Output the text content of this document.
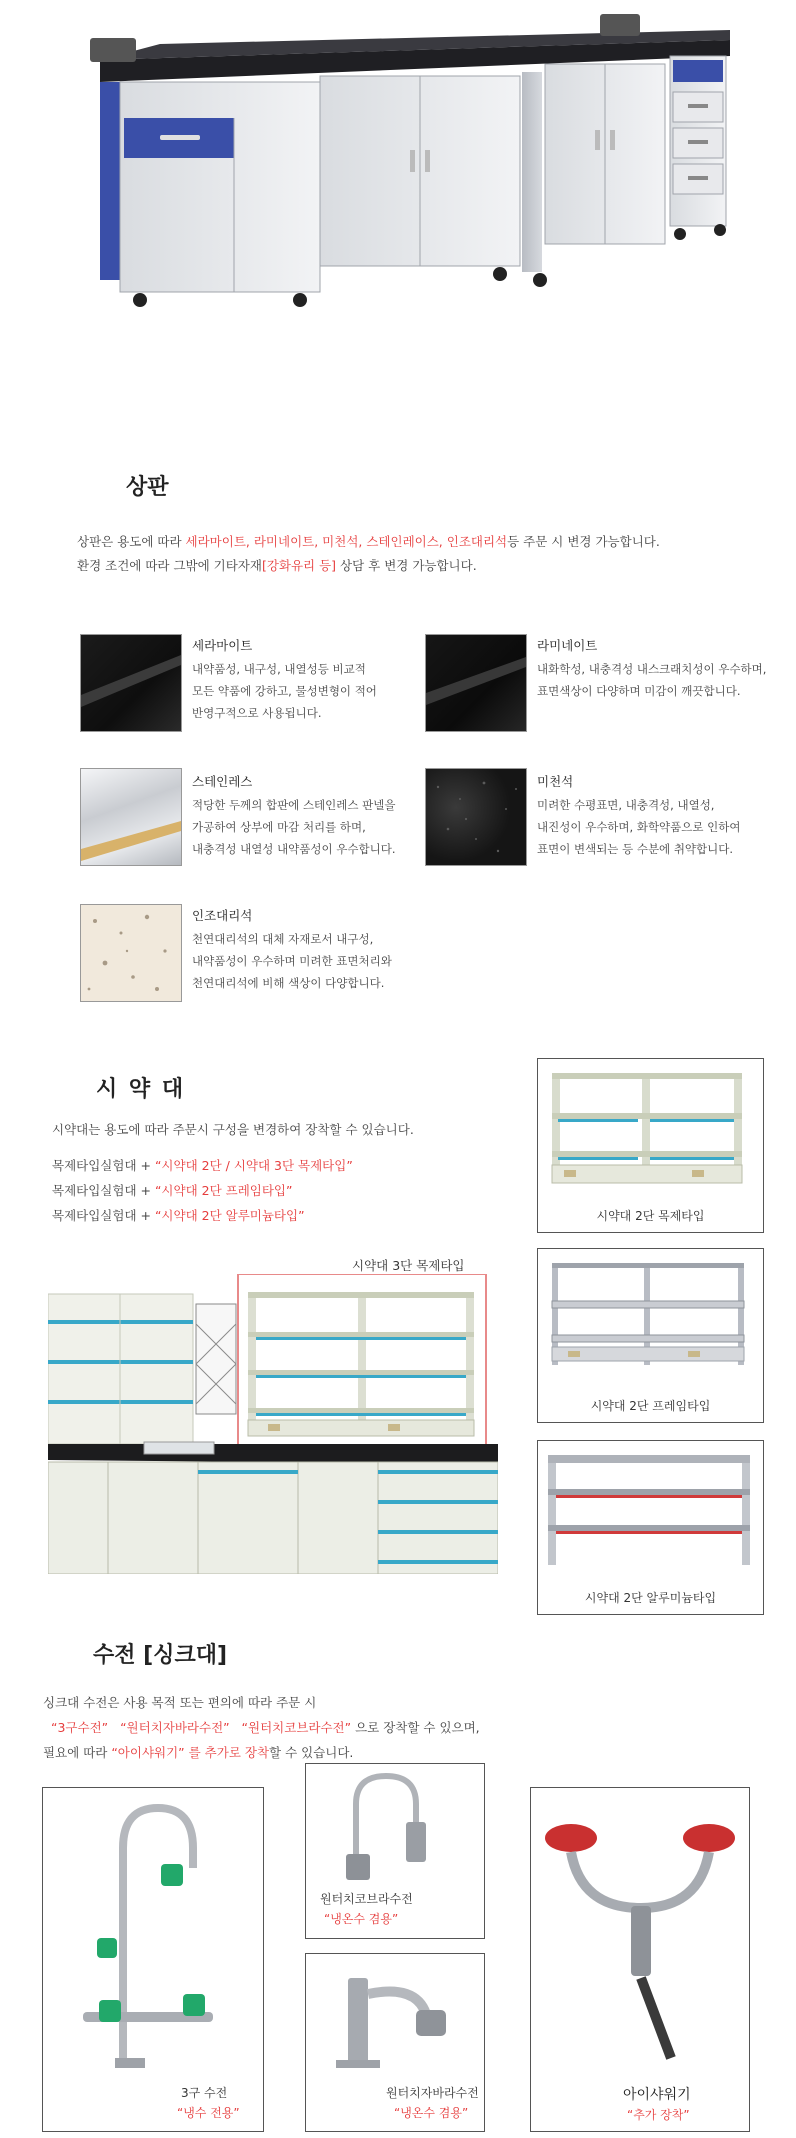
상판
상판은 용도에 따라 세라마이트, 라미네이트, 미천석, 스테인레이스, 인조대리석등 주문 시 변경 가능합니다.
환경 조건에 따라 그밖에 기타자재[강화유리 등] 상담 후 변경 가능합니다.
세라마이트
내약품성, 내구성, 내열성등 비교적
모든 약품에 강하고, 물성변형이 적어
반영구적으로 사용됩니다.
라미네이트
내화학성, 내충격성 내스크래치성이 우수하며,
표면색상이 다양하며 미감이 깨끗합니다.
스테인레스
적당한 두께의 합판에 스테인레스 판넬을
가공하여 상부에 마감 처리를 하며,
내충격성 내열성 내약품성이 우수합니다.
미천석
미려한 수평표면, 내충격성, 내열성,
내진성이 우수하며, 화학약품으로 인하여
표면이 변색되는 등 수분에 취약합니다.
인조대리석
천연대리석의 대체 자재로서 내구성,
내약품성이 우수하며 미려한 표면처리와
천연대리석에 비해 색상이 다양합니다.
시 약 대
시약대는 용도에 따라 주문시 구성을 변경하여 장착할 수 있습니다.
목제타입실험대 + “시약대 2단 / 시약대 3단 목제타입”
목제타입실험대 + “시약대 2단 프레임타입”
목제타입실험대 + “시약대 2단 알루미늄타입”	시약대 2단 목제타입
시약대 2단 프레임타입
시약대 2단 알루미늄타입
시약대 3단 목제타입
수전 [싱크대]
싱크대 수전은 사용 목적 또는 편의에 따라 주문 시
“3구수전” “원터치자바라수전” “원터치코브라수전” 으로 장착할 수 있으며,
필요에 따라 “아이샤워기” 를 추가로 장착할 수 있습니다.
3구 수전
“냉수 전용”
원터치코브라수전
“냉온수 겸용”
원터치자바라수전
“냉온수 겸용”
아이샤워기
“추가 장착”
